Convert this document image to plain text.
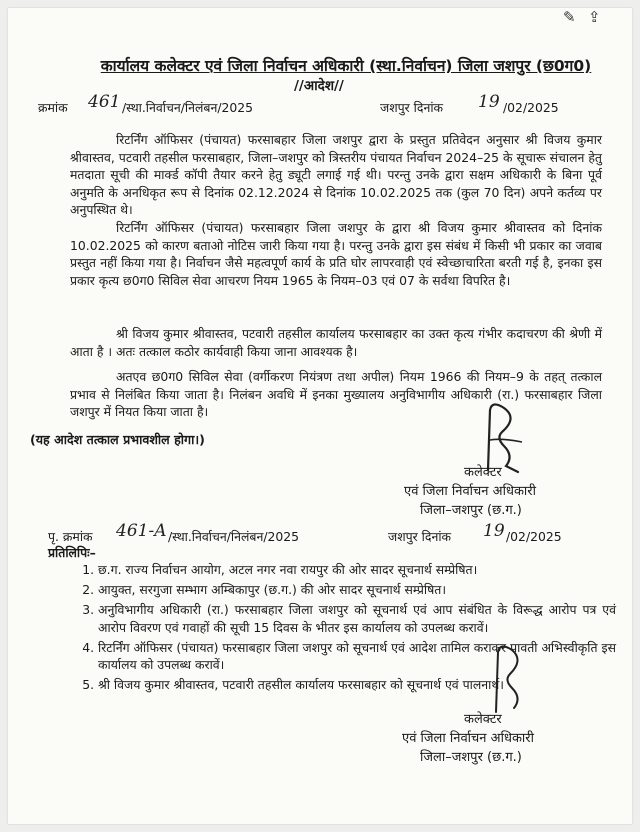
✎ ⇪
कार्यालय कलेक्टर एवं जिला निर्वाचन अधिकारी (स्था.निर्वाचन) जिला जशपुर (छ0ग0)
//आदेश//
क्रमांक 461 /स्था.निर्वाचन/निलंबन/2025	जशपुर दिनांक 19 /02/2025
रिटर्निंग ऑफिसर (पंचायत) फरसाबहार जिला जशपुर द्वारा के प्रस्तुत प्रतिवेदन अनुसार श्री विजय कुमार श्रीवास्तव, पटवारी तहसील फरसाबहार, जिला–जशपुर को त्रिस्तरीय पंचायत निर्वाचन 2024–25 के सूचारू संचालन हेतु मतदाता सूची की मार्क्ड कॉपी तैयार करने हेतु ड्यूटी लगाई गई थी। परन्तु उनके द्वारा सक्षम अधिकारी के बिना पूर्व अनुमति के अनधिकृत रूप से दिनांक 02.12.2024 से दिनांक 10.02.2025 तक (कुल 70 दिन) अपने कर्तव्य पर अनुपस्थित थे।
रिटर्निंग ऑफिसर (पंचायत) फरसाबहार जिला जशपुर के द्वारा श्री विजय कुमार श्रीवास्तव को दिनांक 10.02.2025 को कारण बताओ नोटिस जारी किया गया है। परन्तु उनके द्वारा इस संबंध में किसी भी प्रकार का जवाब प्रस्तुत नहीं किया गया है। निर्वाचन जैसे महत्वपूर्ण कार्य के प्रति घोर लापरवाही एवं स्वेच्छाचारिता बरती गई है, इनका इस प्रकार कृत्य छ0ग0 सिविल सेवा आचरण नियम 1965 के नियम–03 एवं 07 के सर्वथा विपरित है।
श्री विजय कुमार श्रीवास्तव, पटवारी तहसील कार्यालय फरसाबहार का उक्त कृत्य गंभीर कदाचरण की श्रेणी में आता है । अतः तत्काल कठोर कार्यवाही किया जाना आवश्यक है।
अतएव छ0ग0 सिविल सेवा (वर्गीकरण नियंत्रण तथा अपील) नियम 1966 की नियम–9 के तहत् तत्काल प्रभाव से निलंबित किया जाता है। निलंबन अवधि में इनका मुख्यालय अनुविभागीय अधिकारी (रा.) फरसाबहार जिला जशपुर में नियत किया जाता है।
(यह आदेश तत्काल प्रभावशील होगा।)
कलेक्टर
एवं जिला निर्वाचन अधिकारी
जिला–जशपुर (छ.ग.)
पृ. क्रमांक 461-A /स्था.निर्वाचन/निलंबन/2025	जशपुर दिनांक 19 /02/2025
प्रतिलिपिः–
1. छ.ग. राज्य निर्वाचन आयोग, अटल नगर नवा रायपुर की ओर सादर सूचनार्थ सम्प्रेषित।
2. आयुक्त, सरगुजा सम्भाग अम्बिकापुर (छ.ग.) की ओर सादर सूचनार्थ सम्प्रेषित।
3. अनुविभागीय अधिकारी (रा.) फरसाबहार जिला जशपुर को सूचनार्थ एवं आप संबंधित के विरूद्ध आरोप पत्र एवं आरोप विवरण एवं गवाहों की सूची 15 दिवस के भीतर इस कार्यालय को उपलब्ध करावें।
4. रिटर्निंग ऑफिसर (पंचायत) फरसाबहार जिला जशपुर को सूचनार्थ एवं आदेश तामिल कराकर पावती अभिस्वीकृति इस कार्यालय को उपलब्ध करावें।
5. श्री विजय कुमार श्रीवास्तव, पटवारी तहसील कार्यालय फरसाबहार को सूचनार्थ एवं पालनार्थ।
कलेक्टर
एवं जिला निर्वाचन अधिकारी
जिला–जशपुर (छ.ग.)
